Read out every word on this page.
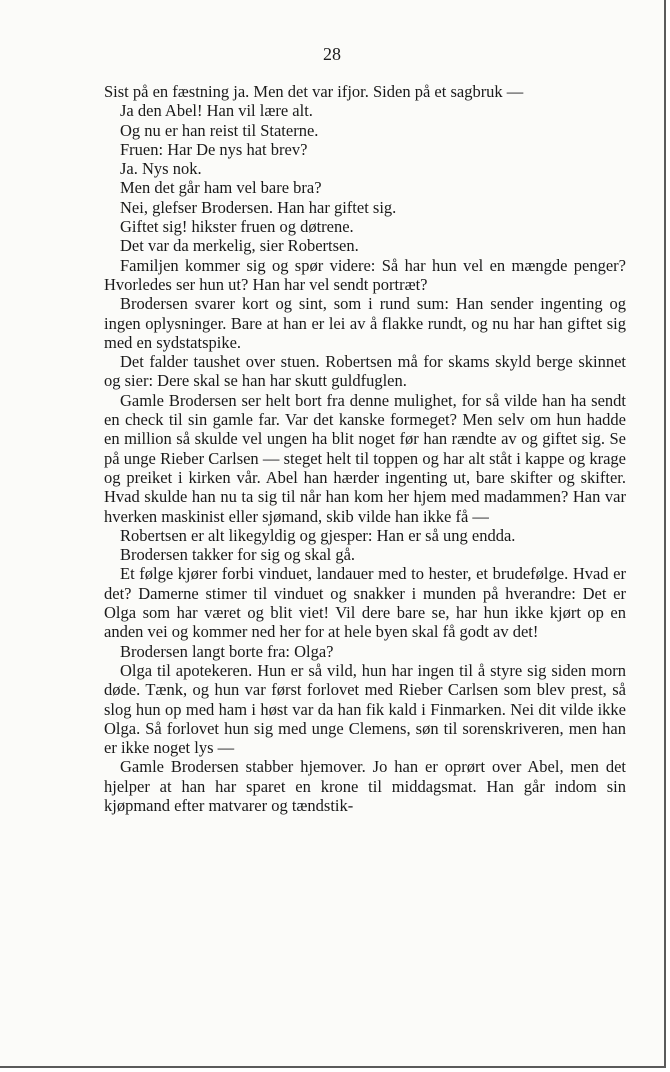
28

Sist på en fæstning ja. Men det var ifjor. Siden på et sagbruk —

Ja den Abel! Han vil lære alt.

Og nu er han reist til Staterne.

Fruen: Har De nys hat brev?

Ja. Nys nok.

Men det går ham vel bare bra?

Nei, glefser Brodersen. Han har giftet sig.

Giftet sig! hikster fruen og døtrene.

Det var da merkelig, sier Robertsen.

Familjen kommer sig og spør videre: Så har hun vel en mængde penger? Hvorledes ser hun ut? Han har vel sendt portræt?

Brodersen svarer kort og sint, som i rund sum: Han sender ingenting og ingen oplysninger. Bare at han er lei av å flakke rundt, og nu har han giftet sig med en sydstatspike.

Det falder taushet over stuen. Robertsen må for skams skyld berge skinnet og sier: Dere skal se han har skutt guldfuglen.

Gamle Brodersen ser helt bort fra denne mulighet, for så vilde han ha sendt en check til sin gamle far. Var det kanske formeget? Men selv om hun hadde en million så skulde vel ungen ha blit noget før han rændte av og giftet sig. Se på unge Rieber Carlsen — steget helt til toppen og har alt ståt i kappe og krage og preiket i kirken vår. Abel han hærder ingenting ut, bare skifter og skifter. Hvad skulde han nu ta sig til når han kom her hjem med madammen? Han var hverken maskinist eller sjømand, skib vilde han ikke få —

Robertsen er alt likegyldig og gjesper: Han er så ung endda.

Brodersen takker for sig og skal gå.

Et følge kjører forbi vinduet, landauer med to hester, et brudefølge. Hvad er det? Damerne stimer til vinduet og snakker i munden på hverandre: Det er Olga som har været og blit viet! Vil dere bare se, har hun ikke kjørt op en anden vei og kommer ned her for at hele byen skal få godt av det!

Brodersen langt borte fra: Olga?

Olga til apotekeren. Hun er så vild, hun har ingen til å styre sig siden morn døde. Tænk, og hun var først forlovet med Rieber Carlsen som blev prest, så slog hun op med ham i høst var da han fik kald i Finmarken. Nei dit vilde ikke Olga. Så forlovet hun sig med unge Clemens, søn til sorenskriveren, men han er ikke noget lys —

Gamle Brodersen stabber hjemover. Jo han er oprørt over Abel, men det hjelper at han har sparet en krone til middagsmat. Han går indom sin kjøpmand efter matvarer og tændstik-
